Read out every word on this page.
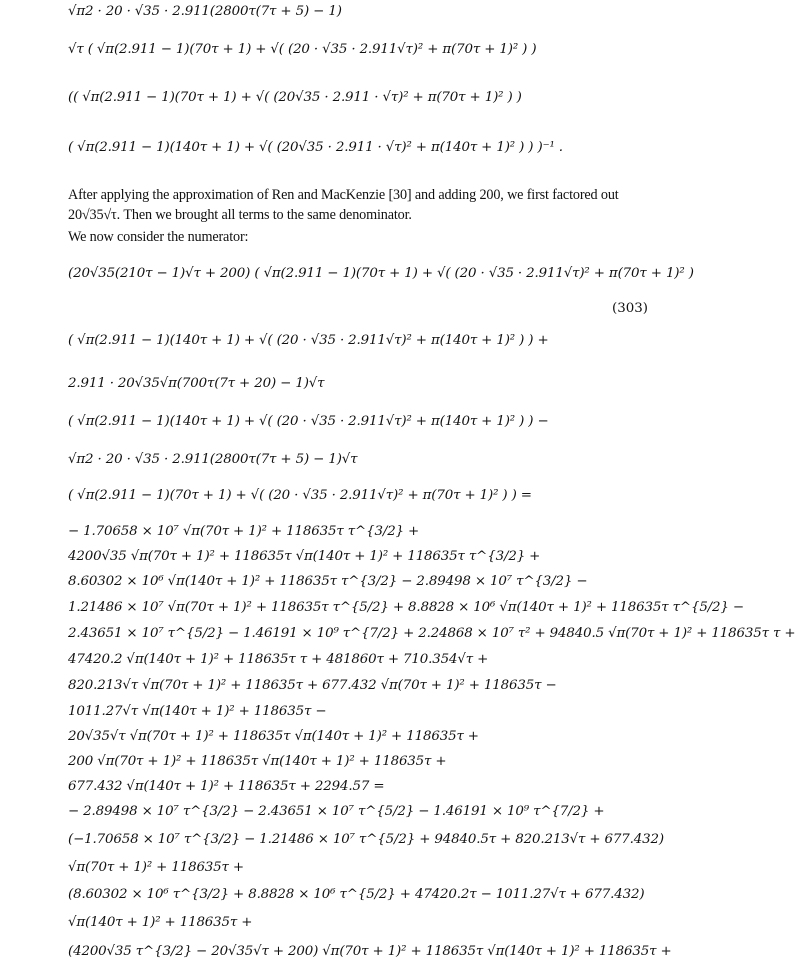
√π2 · 20 · √35 · 2.911(2800τ(7τ + 5) − 1)
√τ ( √π(2.911 − 1)(70τ + 1) + √( (20 · √35 · 2.911√τ)² + π(70τ + 1)² ) )
(( √π(2.911 − 1)(70τ + 1) + √( (20√35 · 2.911 · √τ)² + π(70τ + 1)² ) )
( √π(2.911 − 1)(140τ + 1) + √( (20√35 · 2.911 · √τ)² + π(140τ + 1)² ) ) )⁻¹ .
After applying the approximation of Ren and MacKenzie [30] and adding 200, we first factored out
20√35√τ. Then we brought all terms to the same denominator.
We now consider the numerator:
(20√35(210τ − 1)√τ + 200) ( √π(2.911 − 1)(70τ + 1) + √( (20 · √35 · 2.911√τ)² + π(70τ + 1)² )
(303)
( √π(2.911 − 1)(140τ + 1) + √( (20 · √35 · 2.911√τ)² + π(140τ + 1)² ) ) +
2.911 · 20√35√π(700τ(7τ + 20) − 1)√τ
( √π(2.911 − 1)(140τ + 1) + √( (20 · √35 · 2.911√τ)² + π(140τ + 1)² ) ) −
√π2 · 20 · √35 · 2.911(2800τ(7τ + 5) − 1)√τ
( √π(2.911 − 1)(70τ + 1) + √( (20 · √35 · 2.911√τ)² + π(70τ + 1)² ) ) =
− 1.70658 × 10⁷ √π(70τ + 1)² + 118635τ τ^{3/2} +
4200√35 √π(70τ + 1)² + 118635τ √π(140τ + 1)² + 118635τ τ^{3/2} +
8.60302 × 10⁶ √π(140τ + 1)² + 118635τ τ^{3/2} − 2.89498 × 10⁷ τ^{3/2} −
1.21486 × 10⁷ √π(70τ + 1)² + 118635τ τ^{5/2} + 8.8828 × 10⁶ √π(140τ + 1)² + 118635τ τ^{5/2} −
2.43651 × 10⁷ τ^{5/2} − 1.46191 × 10⁹ τ^{7/2} + 2.24868 × 10⁷ τ² + 94840.5 √π(70τ + 1)² + 118635τ τ +
47420.2 √π(140τ + 1)² + 118635τ τ + 481860τ + 710.354√τ +
820.213√τ √π(70τ + 1)² + 118635τ + 677.432 √π(70τ + 1)² + 118635τ −
1011.27√τ √π(140τ + 1)² + 118635τ −
20√35√τ √π(70τ + 1)² + 118635τ √π(140τ + 1)² + 118635τ +
200 √π(70τ + 1)² + 118635τ √π(140τ + 1)² + 118635τ +
677.432 √π(140τ + 1)² + 118635τ + 2294.57 =
− 2.89498 × 10⁷ τ^{3/2} − 2.43651 × 10⁷ τ^{5/2} − 1.46191 × 10⁹ τ^{7/2} +
(−1.70658 × 10⁷ τ^{3/2} − 1.21486 × 10⁷ τ^{5/2} + 94840.5τ + 820.213√τ + 677.432)
√π(70τ + 1)² + 118635τ +
(8.60302 × 10⁶ τ^{3/2} + 8.8828 × 10⁶ τ^{5/2} + 47420.2τ − 1011.27√τ + 677.432)
√π(140τ + 1)² + 118635τ +
(4200√35 τ^{3/2} − 20√35√τ + 200) √π(70τ + 1)² + 118635τ √π(140τ + 1)² + 118635τ +
